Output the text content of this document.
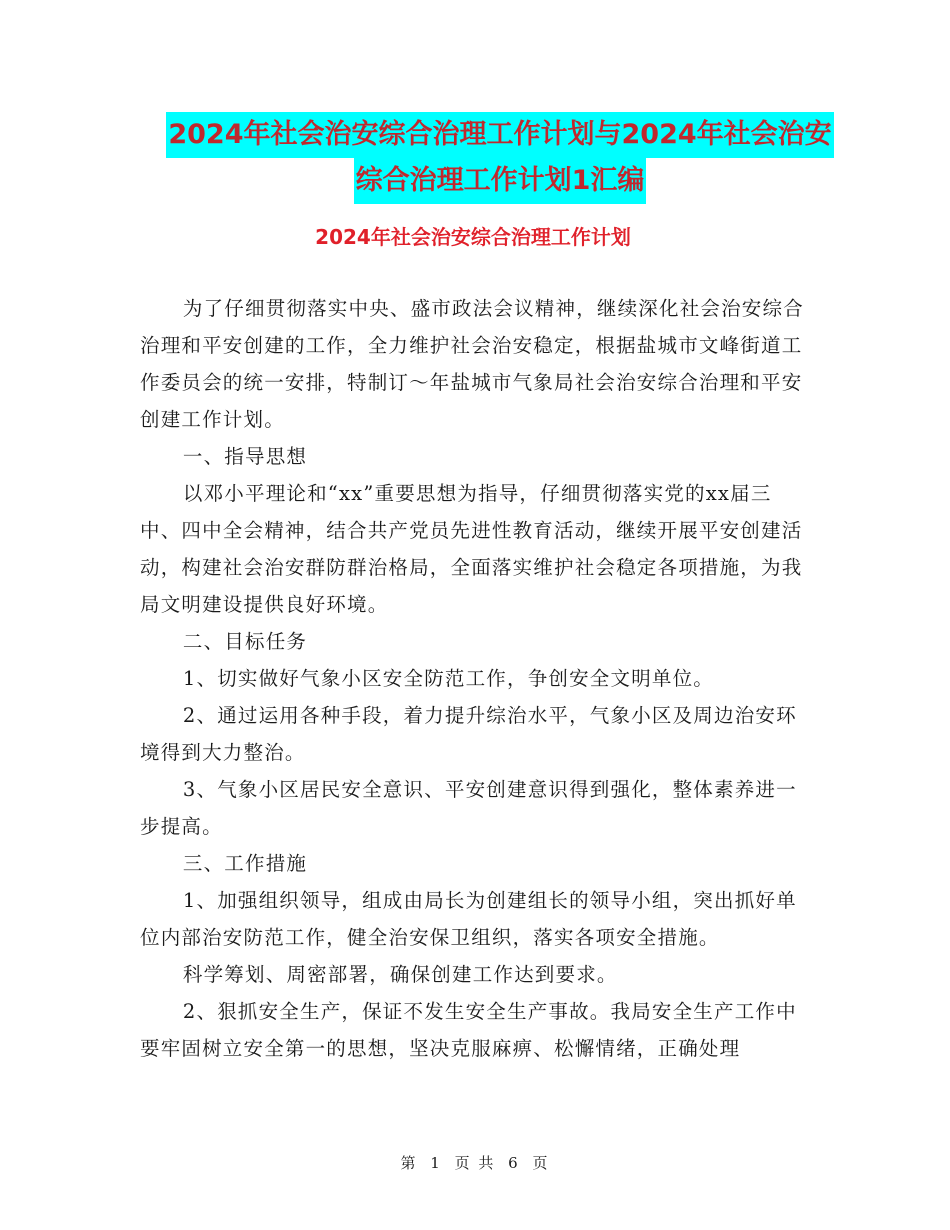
2024年社会治安综合治理工作计划与2024年社会治安
综合治理工作计划1汇编
2024年社会治安综合治理工作计划

为了仔细贯彻落实中央、盛市政法会议精神，继续深化社会治安综合治理和平安创建的工作，全力维护社会治安稳定，根据盐城市文峰街道工作委员会的统一安排，特制订～年盐城市气象局社会治安综合治理和平安创建工作计划。

一、指导思想

以邓小平理论和“xx”重要思想为指导，仔细贯彻落实党的xx届三中、四中全会精神，结合共产党员先进性教育活动，继续开展平安创建活动，构建社会治安群防群治格局，全面落实维护社会稳定各项措施，为我局文明建设提供良好环境。

二、目标任务

1、切实做好气象小区安全防范工作，争创安全文明单位。

2、通过运用各种手段，着力提升综治水平，气象小区及周边治安环境得到大力整治。

3、气象小区居民安全意识、平安创建意识得到强化，整体素养进一步提高。

三、工作措施

1、加强组织领导，组成由局长为创建组长的领导小组，突出抓好单位内部治安防范工作，健全治安保卫组织，落实各项安全措施。

科学筹划、周密部署，确保创建工作达到要求。

2、狠抓安全生产，保证不发生安全生产事故。我局安全生产工作中要牢固树立安全第一的思想，坚决克服麻痹、松懈情绪，正确处理

第 1 页 共 6 页
